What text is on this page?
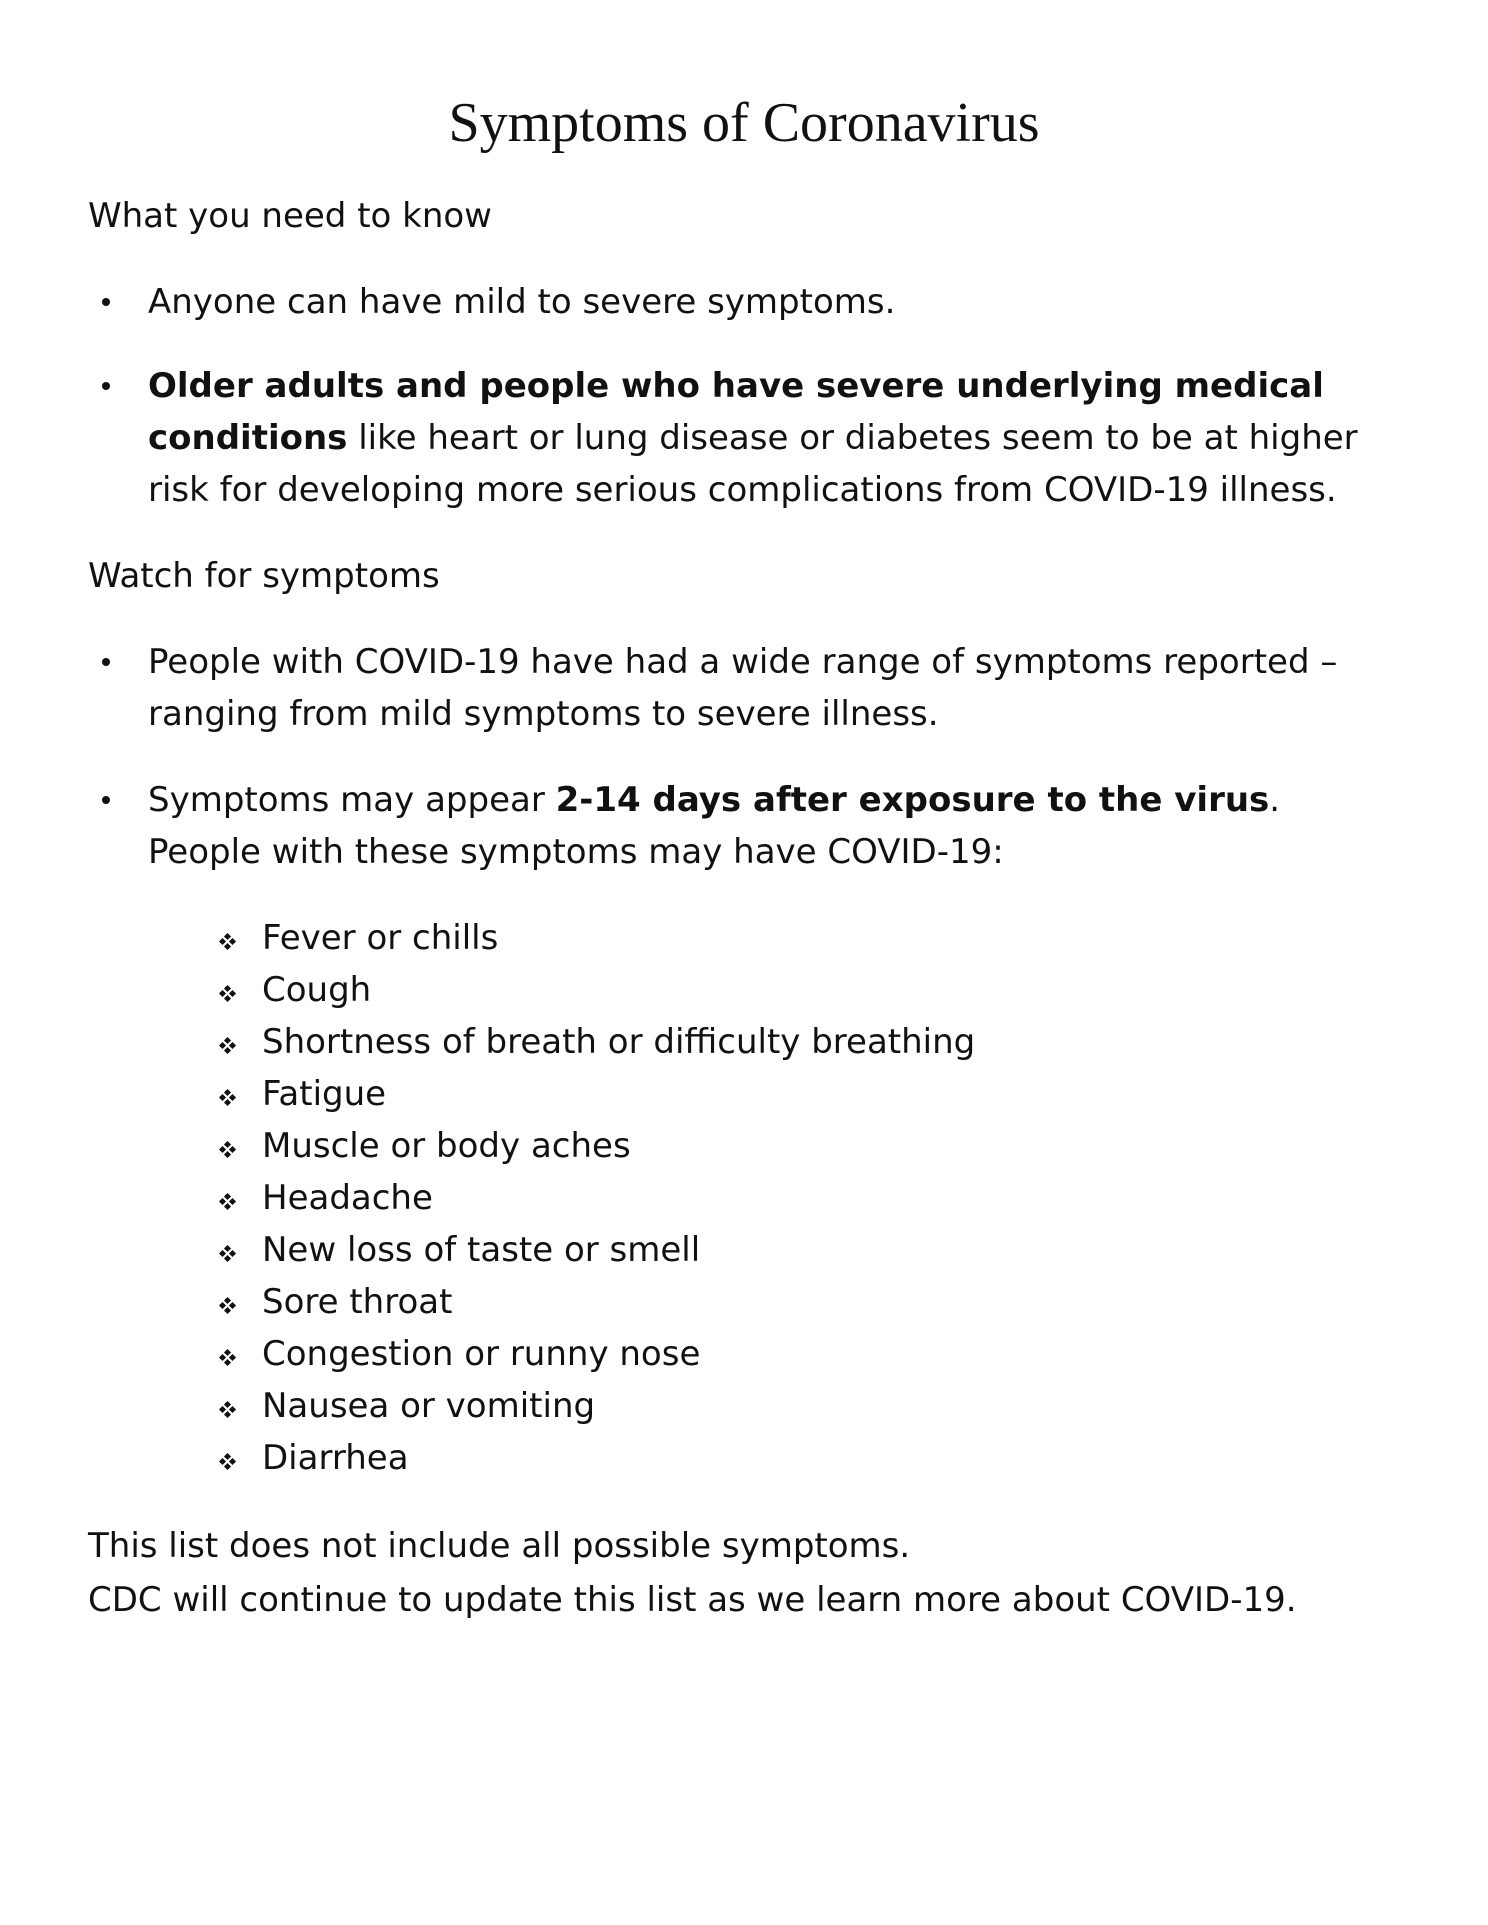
Symptoms of Coronavirus

What you need to know

Anyone can have mild to severe symptoms.
Older adults and people who have severe underlying medical conditions like heart or lung disease or diabetes seem to be at higher risk for developing more serious complications from COVID-19 illness.

Watch for symptoms

People with COVID-19 have had a wide range of symptoms reported – ranging from mild symptoms to severe illness.
Symptoms may appear 2-14 days after exposure to the virus. People with these symptoms may have COVID-19:
Fever or chills
Cough
Shortness of breath or difficulty breathing
Fatigue
Muscle or body aches
Headache
New loss of taste or smell
Sore throat
Congestion or runny nose
Nausea or vomiting
Diarrhea

This list does not include all possible symptoms.

CDC will continue to update this list as we learn more about COVID-19.
